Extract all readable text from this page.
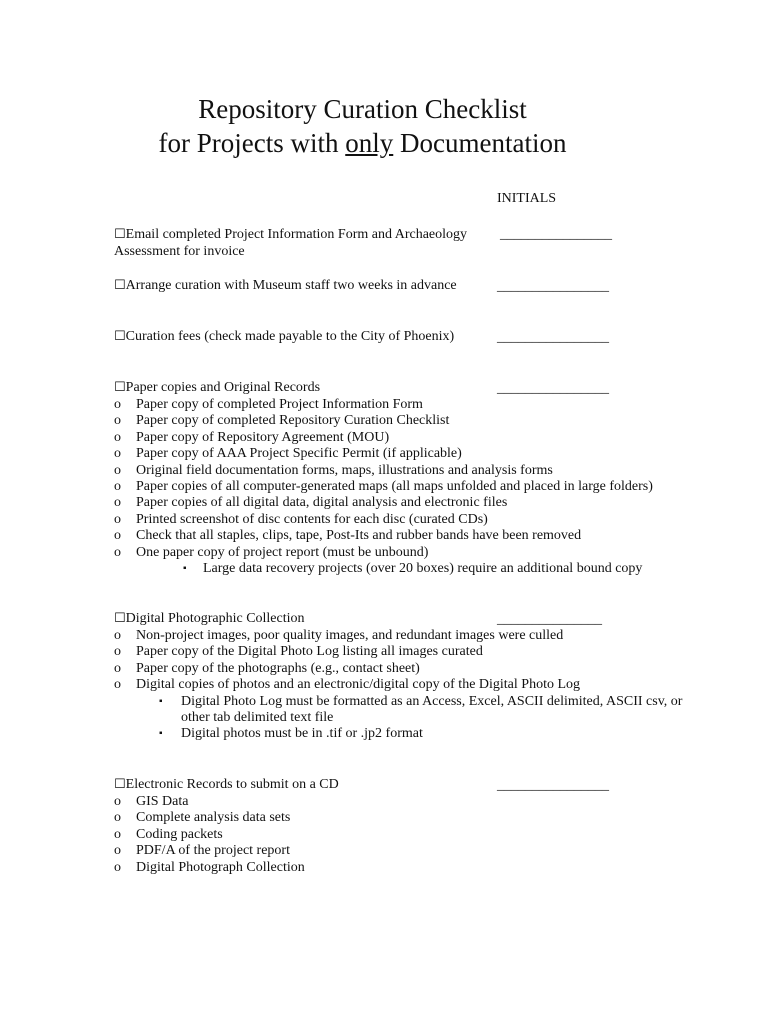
Repository Curation Checklist
for Projects with only Documentation
INITIALS
☐Email completed Project Information Form and Archaeology
Assessment for invoice
________________
☐Arrange curation with Museum staff two weeks in advance	________________
☐Curation fees (check made payable to the City of Phoenix)	________________
☐Paper copies and Original Records	________________
o Paper copy of completed Project Information Form
o Paper copy of completed Repository Curation Checklist
o Paper copy of Repository Agreement (MOU)
o Paper copy of AAA Project Specific Permit (if applicable)
o Original field documentation forms, maps, illustrations and analysis forms
o Paper copies of all computer-generated maps (all maps unfolded and placed in large folders)
o Paper copies of all digital data, digital analysis and electronic files
o Printed screenshot of disc contents for each disc (curated CDs)
o Check that all staples, clips, tape, Post-Its and rubber bands have been removed
o One paper copy of project report (must be unbound)
▪ Large data recovery projects (over 20 boxes) require an additional bound copy
☐Digital Photographic Collection	_______________
o Non-project images, poor quality images, and redundant images were culled
o Paper copy of the Digital Photo Log listing all images curated
o Paper copy of the photographs (e.g., contact sheet)
o Digital copies of photos and an electronic/digital copy of the Digital Photo Log
▪ Digital Photo Log must be formatted as an Access, Excel, ASCII delimited, ASCII csv, or
other tab delimited text file
▪ Digital photos must be in .tif or .jp2 format
☐Electronic Records to submit on a CD	________________
o GIS Data
o Complete analysis data sets
o Coding packets
o PDF/A of the project report
o Digital Photograph Collection
